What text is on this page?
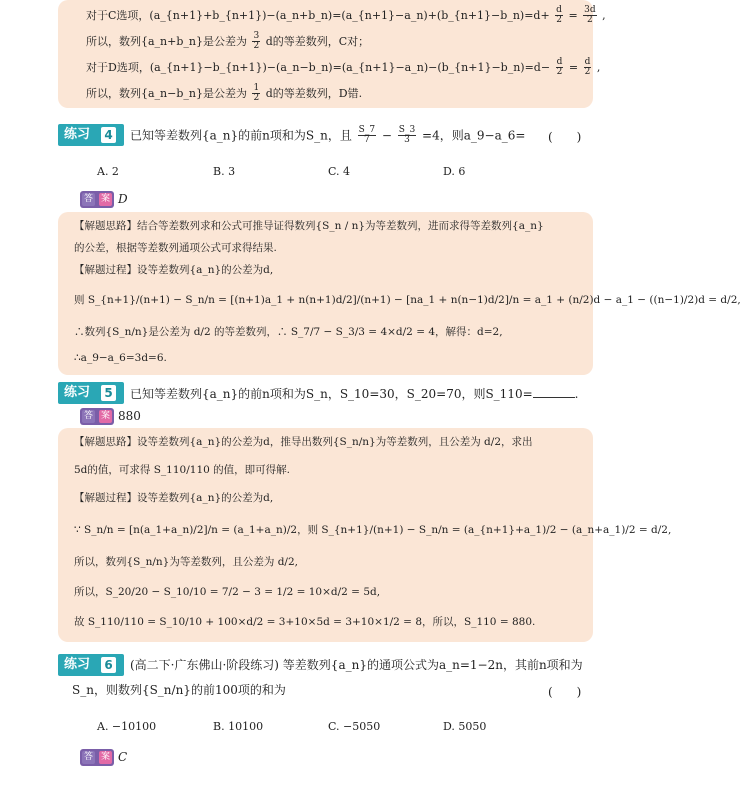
对于C选项，(a_{n+1}+b_{n+1})−(a_n+b_n)=(a_{n+1}−a_n)+(b_{n+1}−b_n)=d+ $\frac{d}{2} = \frac{3d}{2}$ ,
所以，数列{a_n+b_n}是公差为 $\frac{3}{2}$ d的等差数列，C对；
对于D选项，(a_{n+1}−b_{n+1})−(a_n−b_n)=(a_{n+1}−a_n)−(b_{n+1}−b_n)=d− $\frac{d}{2} = \frac{d}{2}$ ,
所以，数列{a_n−b_n}是公差为 $\frac{1}{2}$ d的等差数列，D错.
练习 4 已知等差数列{a_n}的前n项和为S_n，且 $\frac{S\_7}{7} - \frac{S\_3}{3} =4$，则a_9−a_6= (　　)
A. 2	B. 3	C. 4	D. 6
答 案 D
【解题思路】结合等差数列求和公式可推导证得数列{S_n / n}为等差数列，进而求得等差数列{a_n}
的公差，根据等差数列通项公式可求得结果.
【解题过程】设等差数列{a_n}的公差为d,
则 S_{n+1}/(n+1) − S_n/n = [(n+1)a_1 + n(n+1)d/2]/(n+1) − [na_1 + n(n−1)d/2]/n = a_1 + (n/2)d − a_1 − ((n−1)/2)d = d/2,
∴数列{S_n/n}是公差为 d/2 的等差数列，∴ S_7/7 − S_3/3 = 4×d/2 = 4，解得：d=2,
∴a_9−a_6=3d=6.
练习 5 已知等差数列{a_n}的前n项和为S_n，S_10=30，S_20=70，则S_110=	.
答 案 880
【解题思路】设等差数列{a_n}的公差为d，推导出数列{S_n/n}为等差数列，且公差为 d/2，求出
5d的值，可求得 S_110/110 的值，即可得解.
【解题过程】设等差数列{a_n}的公差为d,
∵ S_n/n = [n(a_1+a_n)/2]/n = (a_1+a_n)/2，则 S_{n+1}/(n+1) − S_n/n = (a_{n+1}+a_1)/2 − (a_n+a_1)/2 = d/2,
所以，数列{S_n/n}为等差数列，且公差为 d/2,
所以，S_20/20 − S_10/10 = 7/2 − 3 = 1/2 = 10×d/2 = 5d,
故 S_110/110 = S_10/10 + 100×d/2 = 3+10×5d = 3+10×1/2 = 8，所以，S_110 = 880.
练习 6 (高二下·广东佛山·阶段练习) 等差数列{a_n}的通项公式为a_n=1−2n，其前n项和为
S_n，则数列{S_n/n}的前100项的和为	(　　)
A. −10100	B. 10100	C. −5050	D. 5050
答 案 C
